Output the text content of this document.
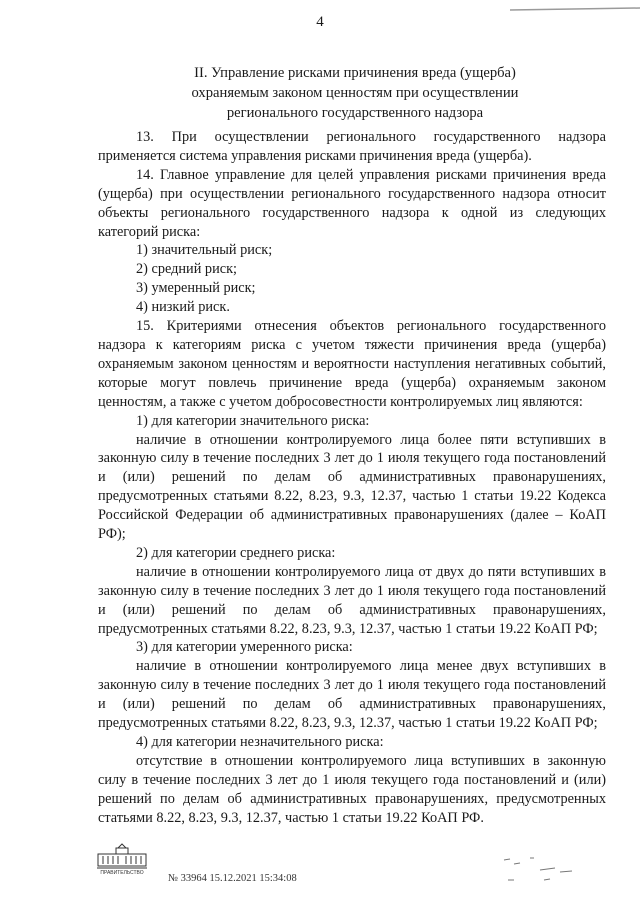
4
II. Управление рисками причинения вреда (ущерба)
охраняемым законом ценностям при осуществлении
регионального государственного надзора
13. При осуществлении регионального государственного надзора применяется система управления рисками причинения вреда (ущерба).
14. Главное управление для целей управления рисками причинения вреда (ущерба) при осуществлении регионального государственного надзора относит объекты регионального государственного надзора к одной из следующих категорий риска:
1) значительный риск;
2) средний риск;
3) умеренный риск;
4) низкий риск.
15. Критериями отнесения объектов регионального государственного надзора к категориям риска с учетом тяжести причинения вреда (ущерба) охраняемым законом ценностям и вероятности наступления негативных событий, которые могут повлечь причинение вреда (ущерба) охраняемым законом ценностям, а также с учетом добросовестности контролируемых лиц являются:
1) для категории значительного риска:
наличие в отношении контролируемого лица более пяти вступивших в законную силу в течение последних 3 лет до 1 июля текущего года постановлений и (или) решений по делам об административных правонарушениях, предусмотренных статьями 8.22, 8.23, 9.3, 12.37, частью 1 статьи 19.22 Кодекса Российской Федерации об административных правонарушениях (далее – КоАП РФ);
2) для категории среднего риска:
наличие в отношении контролируемого лица от двух до пяти вступивших в законную силу в течение последних 3 лет до 1 июля текущего года постановлений и (или) решений по делам об административных правонарушениях, предусмотренных статьями 8.22, 8.23, 9.3, 12.37, частью 1 статьи 19.22 КоАП РФ;
3) для категории умеренного риска:
наличие в отношении контролируемого лица менее двух вступивших в законную силу в течение последних 3 лет до 1 июля текущего года постановлений и (или) решений по делам об административных правонарушениях, предусмотренных статьями 8.22, 8.23, 9.3, 12.37, частью 1 статьи 19.22 КоАП РФ;
4) для категории незначительного риска:
отсутствие в отношении контролируемого лица вступивших в законную силу в течение последних 3 лет до 1 июля текущего года постановлений и (или) решений по делам об административных правонарушениях, предусмотренных статьями 8.22, 8.23, 9.3, 12.37, частью 1 статьи 19.22 КоАП РФ.
ПРАВИТЕЛЬСТВО № 33964 15.12.2021 15:34:08
